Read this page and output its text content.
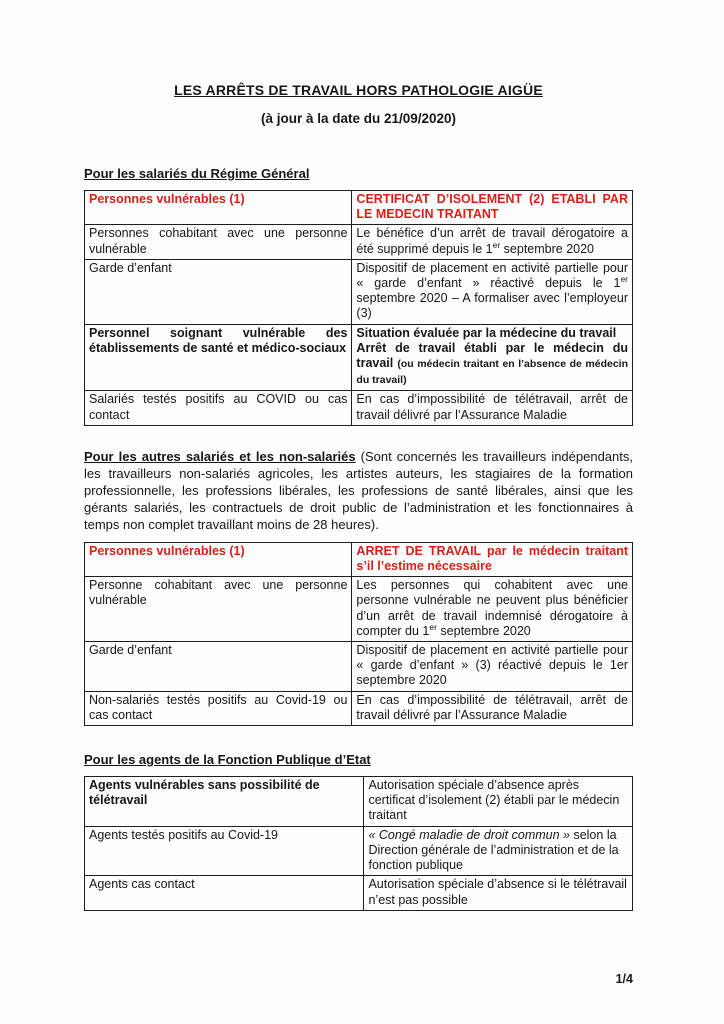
LES ARRÊTS DE TRAVAIL HORS PATHOLOGIE AIGÜE
(à jour à la date du 21/09/2020)
Pour les salariés du Régime Général
Personnes vulnérables (1)	CERTIFICAT D’ISOLEMENT (2) ETABLI PAR LE MEDECIN TRAITANT
Personnes cohabitant avec une personne vulnérable	Le bénéfice d’un arrêt de travail dérogatoire a été supprimé depuis le 1er septembre 2020
Garde d’enfant	Dispositif de placement en activité partielle pour « garde d’enfant » réactivé depuis le 1er septembre 2020 – A formaliser avec l’employeur (3)
Personnel soignant vulnérable des établissements de santé et médico-sociaux	Situation évaluée par la médecine du travail
Arrêt de travail établi par le médecin du travail (ou médecin traitant en l’absence de médecin du travail)

Salariés testés positifs au COVID ou cas contact	En cas d’impossibilité de télétravail, arrêt de travail délivré par l’Assurance Maladie
Pour les autres salariés et les non-salariés (Sont concernés les travailleurs indépendants, les travailleurs non-salariés agricoles, les artistes auteurs, les stagiaires de la formation professionnelle, les professions libérales, les professions de santé libérales, ainsi que les gérants salariés, les contractuels de droit public de l’administration et les fonctionnaires à temps non complet travaillant moins de 28 heures).
Personnes vulnérables (1)	ARRET DE TRAVAIL par le médecin traitant s’il l’estime nécessaire
Personne cohabitant avec une personne vulnérable	Les personnes qui cohabitent avec une personne vulnérable ne peuvent plus bénéficier d’un arrêt de travail indemnisé dérogatoire à compter du 1er septembre 2020
Garde d’enfant	Dispositif de placement en activité partielle pour « garde d’enfant » (3) réactivé depuis le 1er septembre 2020
Non-salariés testés positifs au Covid-19 ou cas contact	En cas d’impossibilité de télétravail, arrêt de travail délivré par l’Assurance Maladie
Pour les agents de la Fonction Publique d’Etat
Agents vulnérables sans possibilité de télétravail	Autorisation spéciale d’absence après certificat d’isolement (2) établi par le médecin traitant
Agents testés positifs au Covid-19	« Congé maladie de droit commun » selon la Direction générale de l’administration et de la fonction publique
Agents cas contact	Autorisation spéciale d’absence si le télétravail n’est pas possible
1/4
